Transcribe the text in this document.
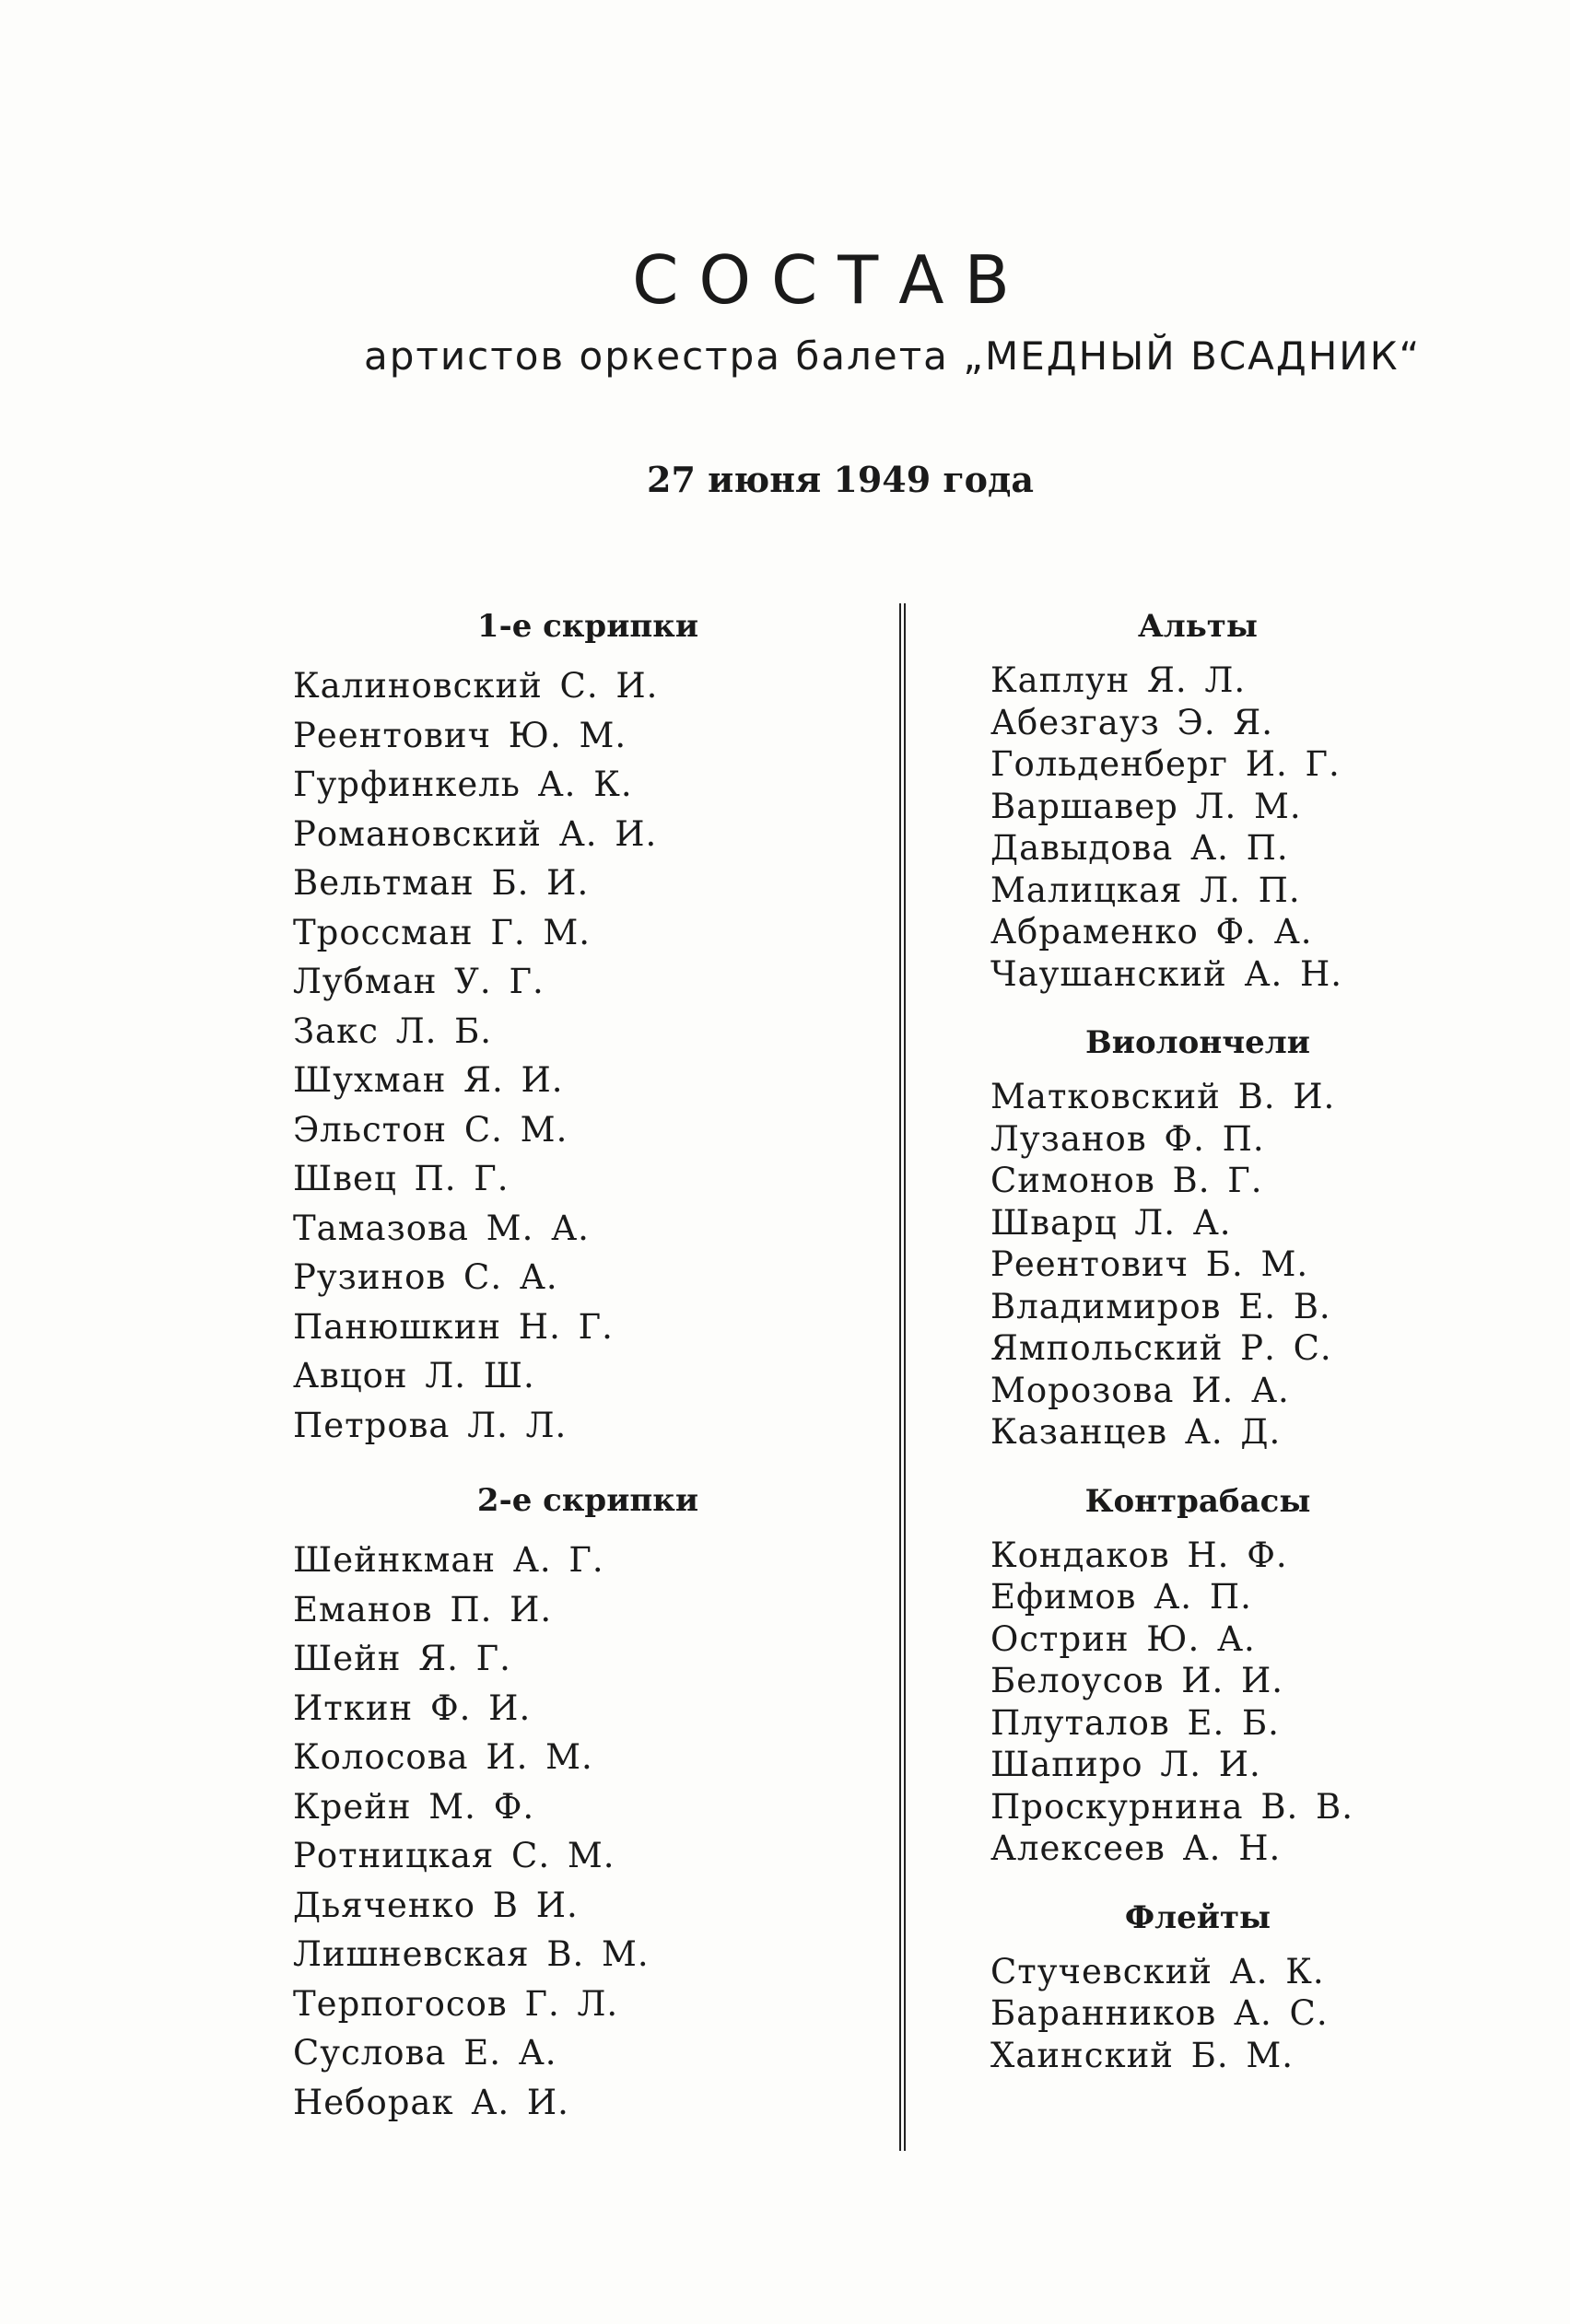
СОСТАВ
артистов оркестра балета „МЕДНЫЙ ВСАДНИК“
27 июня 1949 года
1-е скрипки
Калиновский С. И.
Реентович Ю. М.
Гурфинкель А. К.
Романовский А. И.
Вельтман Б. И.
Троссман Г. М.
Лубман У. Г.
Закс Л. Б.
Шухман Я. И.
Эльстон С. М.
Швец П. Г.
Тамазова М. А.
Рузинов С. А.
Панюшкин Н. Г.
Авцон Л. Ш.
Петрова Л. Л.
2-е скрипки
Шейнкман А. Г.
Еманов П. И.
Шейн Я. Г.
Иткин Ф. И.
Колосова И. М.
Крейн М. Ф.
Ротницкая С. М.
Дьяченко В И.
Лишневская В. М.
Терпогосов Г. Л.
Суслова Е. А.
Неборак А. И.
Альты
Каплун Я. Л.
Абезгауз Э. Я.
Гольденберг И. Г.
Варшавер Л. М.
Давыдова А. П.
Малицкая Л. П.
Абраменко Ф. А.
Чаушанский А. Н.
Виолончели
Матковский В. И.
Лузанов Ф. П.
Симонов В. Г.
Шварц Л. А.
Реентович Б. М.
Владимиров Е. В.
Ямпольский Р. С.
Морозова И. А.
Казанцев А. Д.
Контрабасы
Кондаков Н. Ф.
Ефимов А. П.
Острин Ю. А.
Белоусов И. И.
Плуталов Е. Б.
Шапиро Л. И.
Проскурнина В. В.
Алексеев А. Н.
Флейты
Стучевский А. К.
Баранников А. С.
Хаинский Б. М.
